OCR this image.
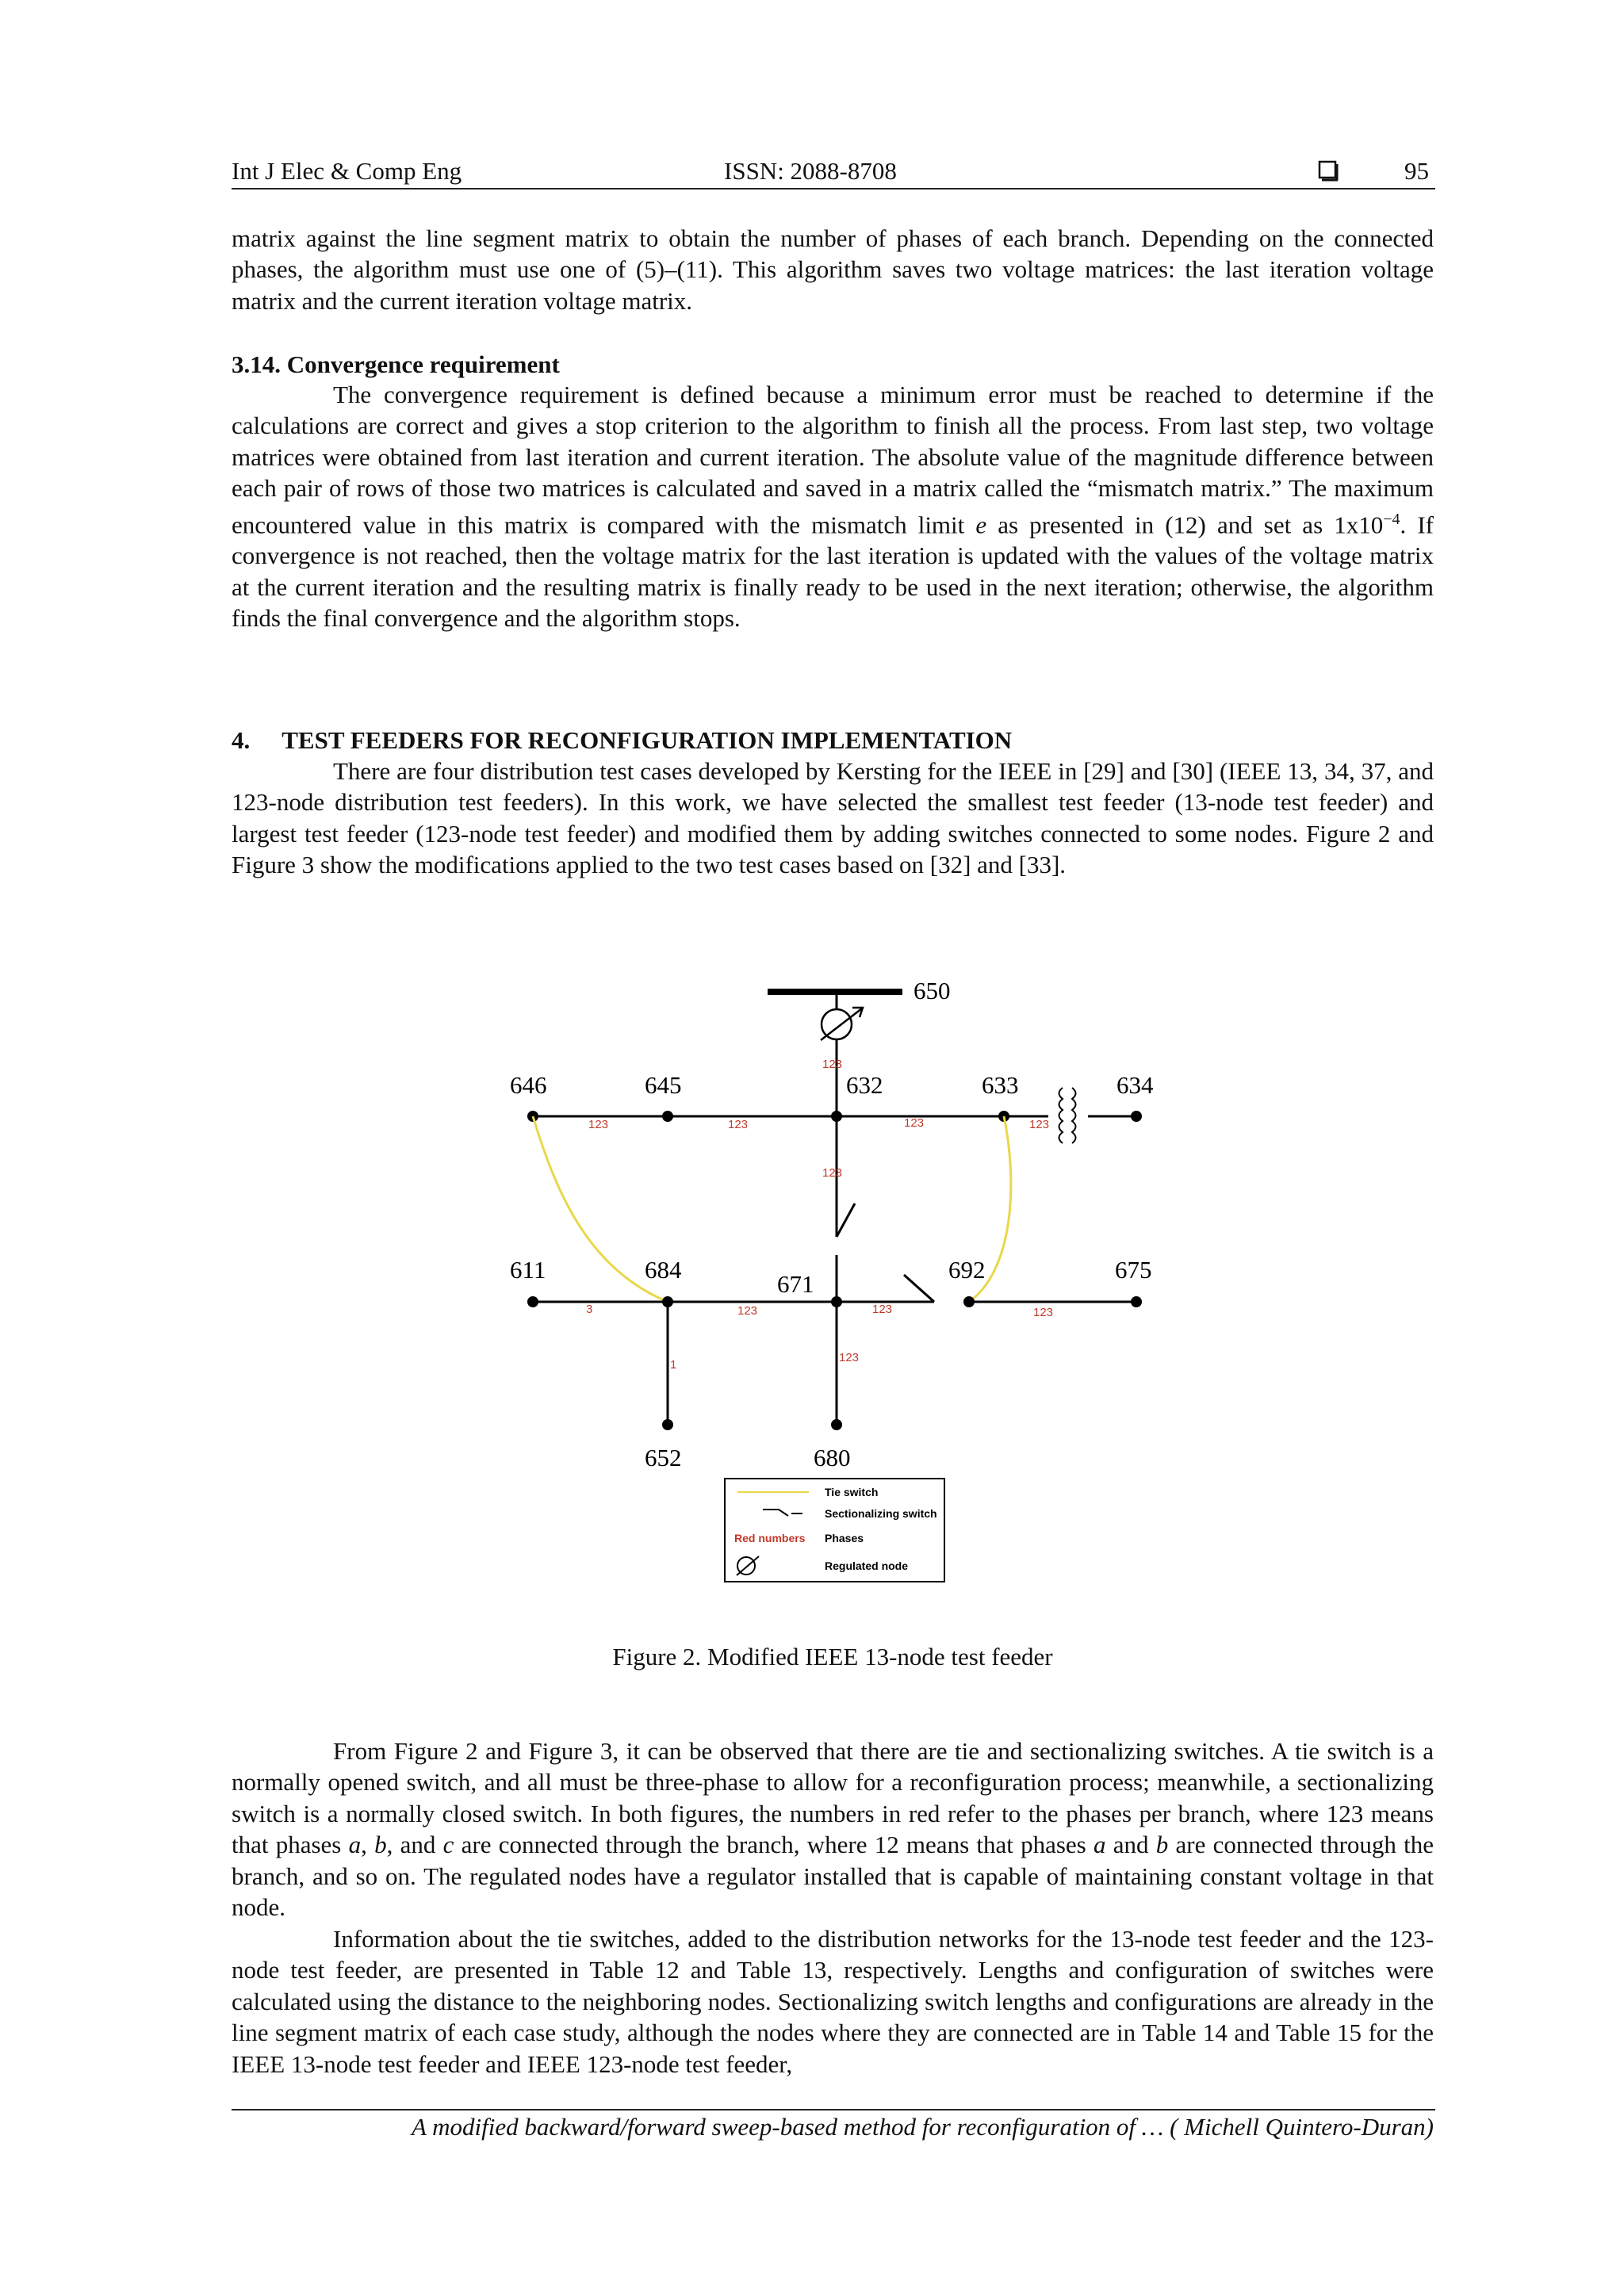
Int J Elec & Comp Eng	ISSN: 2088-8708	95
matrix against the line segment matrix to obtain the number of phases of each branch. Depending on the connected phases, the algorithm must use one of (5)–(11). This algorithm saves two voltage matrices: the last iteration voltage matrix and the current iteration voltage matrix.
3.14. Convergence requirement
The convergence requirement is defined because a minimum error must be reached to determine if the calculations are correct and gives a stop criterion to the algorithm to finish all the process. From last step, two voltage matrices were obtained from last iteration and current iteration. The absolute value of the magnitude difference between each pair of rows of those two matrices is calculated and saved in a matrix called the “mismatch matrix.” The maximum encountered value in this matrix is compared with the mismatch limit e as presented in (12) and set as $1x10^{-4}$. If convergence is not reached, then the voltage matrix for the last iteration is updated with the values of the voltage matrix at the current iteration and the resulting matrix is finally ready to be used in the next iteration; otherwise, the algorithm finds the final convergence and the algorithm stops.
4. TEST FEEDERS FOR RECONFIGURATION IMPLEMENTATION
There are four distribution test cases developed by Kersting for the IEEE in [29] and [30] (IEEE 13, 34, 37, and 123-node distribution test feeders). In this work, we have selected the smallest test feeder (13-node test feeder) and largest test feeder (123-node test feeder) and modified them by adding switches connected to some nodes. Figure 2 and Figure 3 show the modifications applied to the two test cases based on [32] and [33].
650
123
646	645	632	633	634
123	123	123	123
123
611	684
671
692	675
3	123	123	123
1
123
652	680
Tie switch
Sectionalizing switch
Red numbers Phases
Regulated node
Figure 2. Modified IEEE 13-node test feeder
From Figure 2 and Figure 3, it can be observed that there are tie and sectionalizing switches. A tie switch is a normally opened switch, and all must be three-phase to allow for a reconfiguration process; meanwhile, a sectionalizing switch is a normally closed switch. In both figures, the numbers in red refer to the phases per branch, where 123 means that phases a, b, and c are connected through the branch, where 12 means that phases a and b are connected through the branch, and so on. The regulated nodes have a regulator installed that is capable of maintaining constant voltage in that node.
Information about the tie switches, added to the distribution networks for the 13-node test feeder and the 123-node test feeder, are presented in Table 12 and Table 13, respectively. Lengths and configuration of switches were calculated using the distance to the neighboring nodes. Sectionalizing switch lengths and configurations are already in the line segment matrix of each case study, although the nodes where they are connected are in Table 14 and Table 15 for the IEEE 13-node test feeder and IEEE 123-node test feeder,
A modified backward/forward sweep-based method for reconfiguration of … ( Michell Quintero-Duran)
